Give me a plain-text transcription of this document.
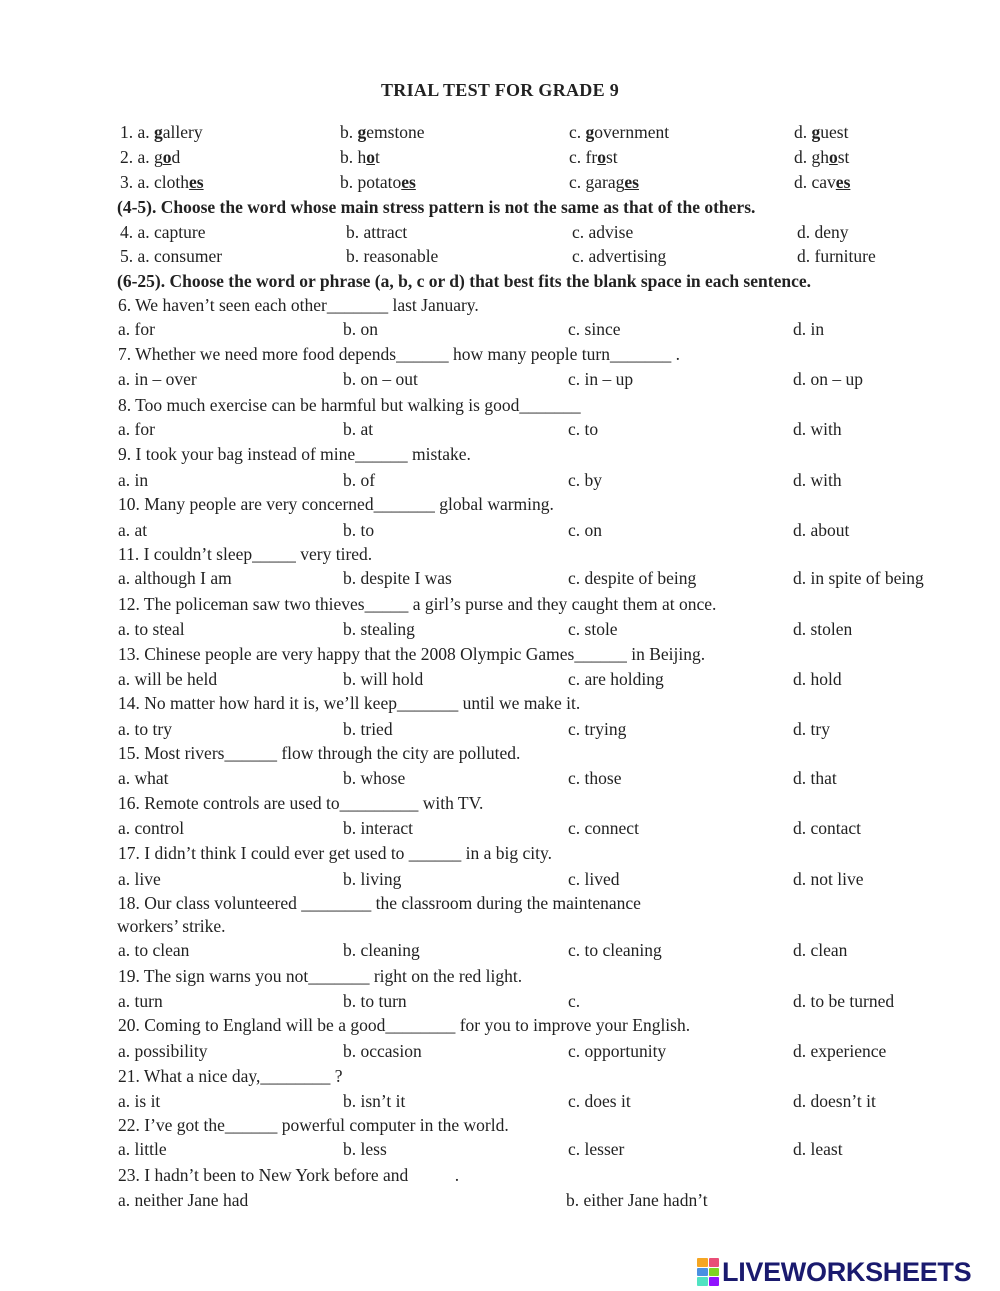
TRIAL TEST FOR GRADE 9
1. a. gallery	b. gemstone	c. government	d. guest
2. a. god	b. hot	c. frost	d. ghost
3. a. clothes	b. potatoes	c. garages	d. caves
(4-5). Choose the word whose main stress pattern is not the same as that of the others.
4. a. capture	b. attract	c. advise	d. deny
5. a. consumer	b. reasonable	c. advertising	d. furniture
(6-25). Choose the word or phrase (a, b, c or d) that best fits the blank space in each sentence.
6. We haven’t seen each other_______ last January.
a. for	b. on	c. since	d. in
7. Whether we need more food depends______ how many people turn_______ .
a. in – over	b. on – out	c. in – up	d. on – up
8. Too much exercise can be harmful but walking is good_______
a. for	b. at	c. to	d. with
9. I took your bag instead of mine______ mistake.
a. in	b. of	c. by	d. with
10. Many people are very concerned_______ global warming.
a. at	b. to	c. on	d. about
11. I couldn’t sleep_____ very tired.
a. although I am	b. despite I was	c. despite of being	d. in spite of being
12. The policeman saw two thieves_____ a girl’s purse and they caught them at once.
a. to steal	b. stealing	c. stole	d. stolen
13. Chinese people are very happy that the 2008 Olympic Games______ in Beijing.
a. will be held	b. will hold	c. are holding	d. hold
14. No matter how hard it is, we’ll keep_______ until we make it.
a. to try	b. tried	c. trying	d. try
15. Most rivers______ flow through the city are polluted.
a. what	b. whose	c. those	d. that
16. Remote controls are used to_________ with TV.
a. control	b. interact	c. connect	d. contact
17. I didn’t think I could ever get used to ______ in a big city.
a. live	b. living	c. lived	d. not live
18. Our class volunteered ________ the classroom during the maintenance
workers’ strike.
a. to clean	b. cleaning	c. to cleaning	d. clean
19. The sign warns you not_______ right on the red light.
a. turn	b. to turn	c.	d. to be turned
20. Coming to England will be a good________ for you to improve your English.
a. possibility	b. occasion	c. opportunity	d. experience
21. What a nice day,________ ?
a. is it	b. isn’t it	c. does it	d. doesn’t it
22. I’ve got the______ powerful computer in the world.
a. little	b. less	c. lesser	d. least
23. I hadn’t been to New York before and	.
a. neither Jane had	b. either Jane hadn’t
LIVEWORKSHEETS
